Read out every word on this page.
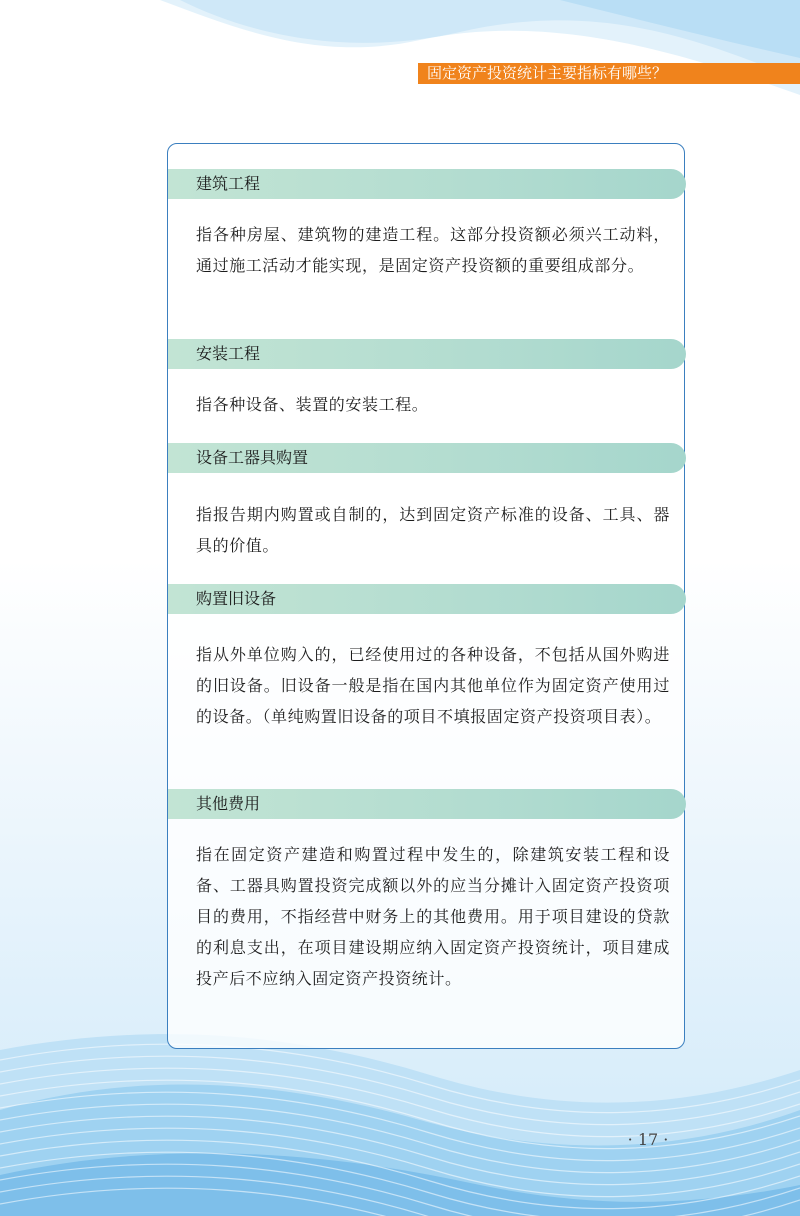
固定资产投资统计主要指标有哪些？
建筑工程

指各种房屋、建筑物的建造工程。这部分投资额必须兴工动料，通过施工活动才能实现，是固定资产投资额的重要组成部分。

安装工程

指各种设备、装置的安装工程。

设备工器具购置

指报告期内购置或自制的，达到固定资产标准的设备、工具、器具的价值。

购置旧设备

指从外单位购入的，已经使用过的各种设备，不包括从国外购进的旧设备。旧设备一般是指在国内其他单位作为固定资产使用过的设备。（单纯购置旧设备的项目不填报固定资产投资项目表）。

其他费用

指在固定资产建造和购置过程中发生的，除建筑安装工程和设备、工器具购置投资完成额以外的应当分摊计入固定资产投资项目的费用，不指经营中财务上的其他费用。用于项目建设的贷款的利息支出，在项目建设期应纳入固定资产投资统计，项目建成投产后不应纳入固定资产投资统计。

· 17 ·
